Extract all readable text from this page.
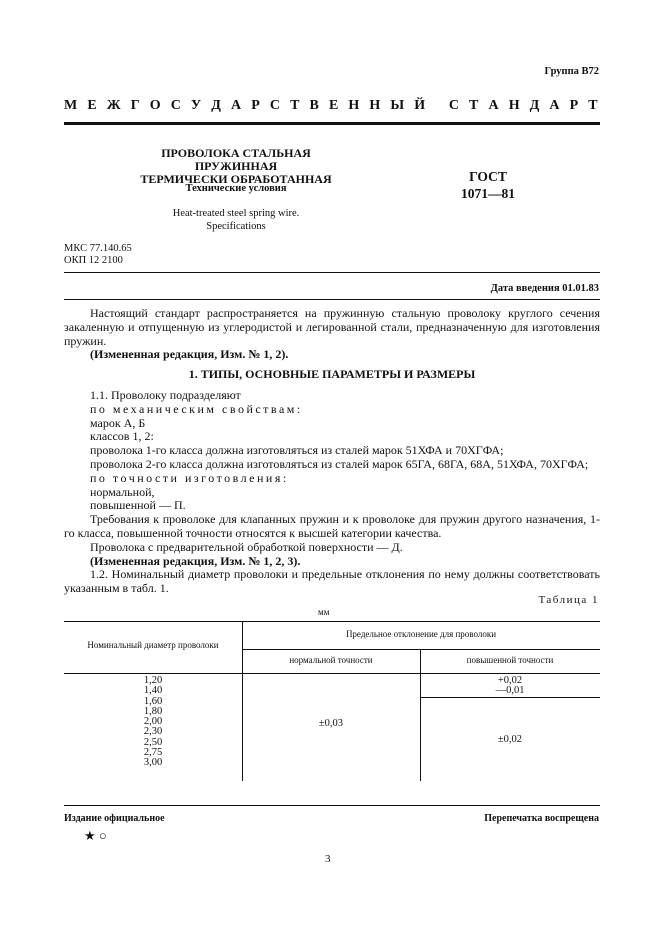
Группа В72
М Е Ж Г О С У Д А Р С Т В Е Н Н Ы Й
С Т А Н Д А Р Т
ПРОВОЛОКА СТАЛЬНАЯ ПРУЖИННАЯ
ТЕРМИЧЕСКИ ОБРАБОТАННАЯ
Технические условия
Heat-treated steel spring wire.
Specifications
ГОСТ
1071—81
МКС 77.140.65
ОКП 12 2100
Дата введения 01.01.83

Настоящий стандарт распространяется на пружинную стальную проволоку круглого сечения закаленную и отпущенную из углеродистой и легированной стали, предназначенную для изготовления пружин.

(Измененная редакция, Изм. № 1, 2).

1. ТИПЫ, ОСНОВНЫЕ ПАРАМЕТРЫ И РАЗМЕРЫ

1.1. Проволоку подразделяют

по механическим свойствам:

марок А, Б

классов 1, 2:

проволока 1-го класса должна изготовляться из сталей марок 51ХФА и 70ХГФА;

проволока 2-го класса должна изготовляться из сталей марок 65ГА, 68ГА, 68А, 51ХФА, 70ХГФА;

по точности изготовления:

нормальной,

повышенной — П.

Требования к проволоке для клапанных пружин и к проволоке для пружин другого назначения, 1-го класса, повышенной точности относятся к высшей категории качества.

Проволока с предварительной обработкой поверхности — Д.

(Измененная редакция, Изм. № 1, 2, 3).

1.2. Номинальный диаметр проволоки и предельные отклонения по нему должны соответствовать указанным в табл. 1.

Таблица 1
мм
Номинальный диаметр проволоки
Предельное отклонение для проволоки
нормальной точности	повышенной точности
1,20
1,40
1,60
1,80
2,00
2,30
2,50
2,75
3,00
±0,03
+0,02
—0,01
±0,02
Издание официальное	Перепечатка воспрещена
★ ○
3
